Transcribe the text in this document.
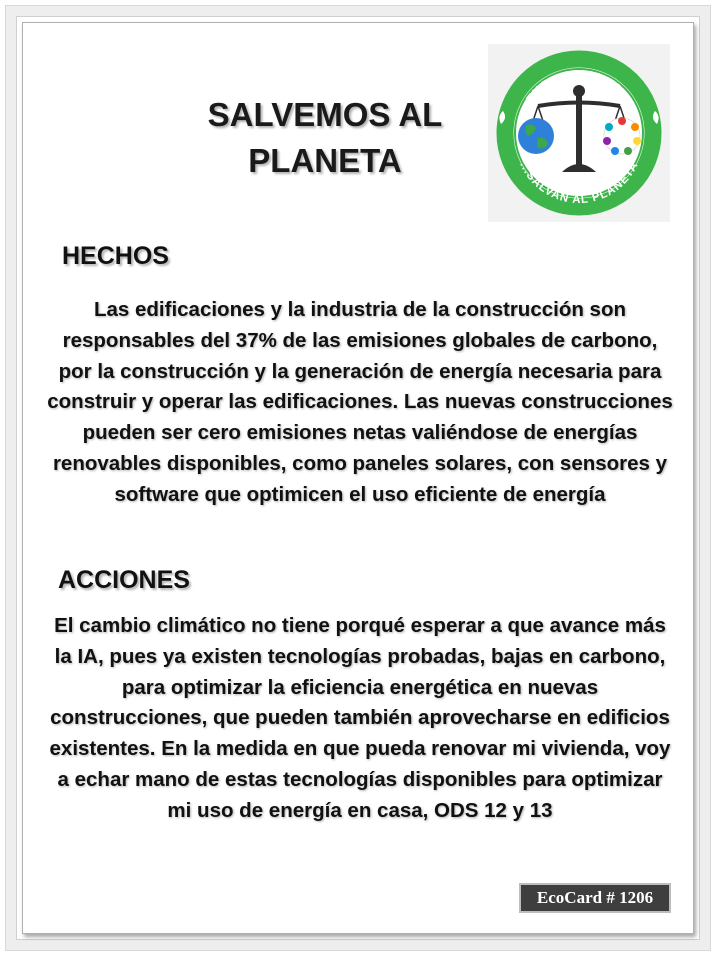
SALVEMOS AL PLANETA
TUS ACCIONES...
...SALVAN AL PLANETA
HECHOS
Las edificaciones y la industria de la construcción son responsables del 37% de las emisiones globales de carbono, por la construcción y la generación de energía necesaria para construir y operar las edificaciones. Las nuevas construcciones pueden ser cero emisiones netas valiéndose de energías renovables disponibles, como paneles solares, con sensores y software que optimicen el uso eficiente de energía
ACCIONES
El cambio climático no tiene porqué esperar a que avance más la IA, pues ya existen tecnologías probadas, bajas en carbono, para optimizar la eficiencia energética en nuevas construcciones, que pueden también aprovecharse en edificios existentes. En la medida en que pueda renovar mi vivienda, voy a echar mano de estas tecnologías disponibles para optimizar mi uso de energía en casa, ODS 12 y 13
EcoCard # 1206
